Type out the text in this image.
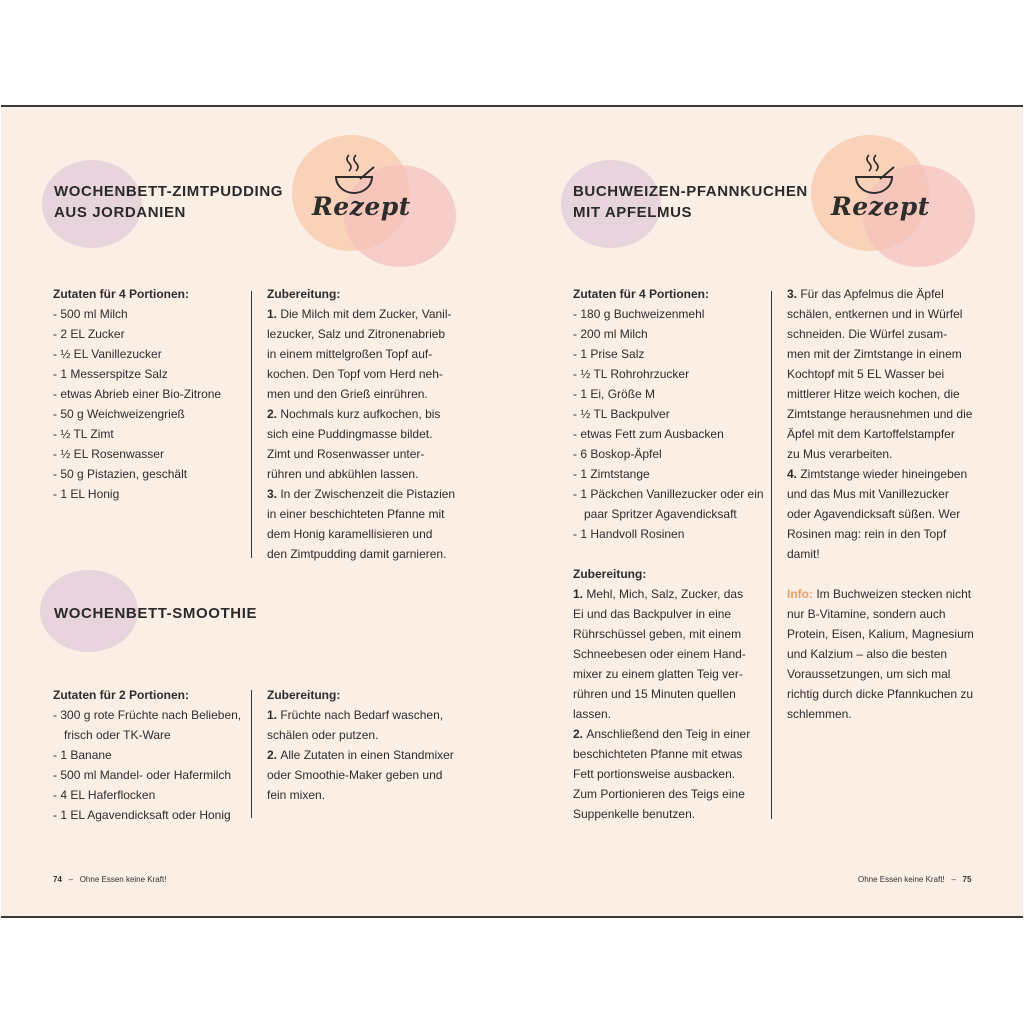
WOCHENBETT-ZIMTPUDDING
AUS JORDANIEN	Rezept
Zutaten für 4 Portionen:
- 500 ml Milch
- 2 EL Zucker
- ½ EL Vanillezucker
- 1 Messerspitze Salz
- etwas Abrieb einer Bio-Zitrone
- 50 g Weichweizengrieß
- ½ TL Zimt
- ½ EL Rosenwasser
- 50 g Pistazien, geschält
- 1 EL Honig
Zubereitung:

1. Die Milch mit dem Zucker, Vanil-
lezucker, Salz und Zitronenabrieb
in einem mittelgroßen Topf auf-
kochen. Den Topf vom Herd neh-
men und den Grieß einrühren.

2. Nochmals kurz aufkochen, bis
sich eine Puddingmasse bildet.
Zimt und Rosenwasser unter-
rühren und abkühlen lassen.

3. In der Zwischenzeit die Pistazien
in einer beschichteten Pfanne mit
dem Honig karamellisieren und
den Zimtpudding damit garnieren.

WOCHENBETT-SMOOTHIE
Zutaten für 2 Portionen:
- 300 g rote Früchte nach Belieben, frisch oder TK-Ware
- 1 Banane
- 500 ml Mandel- oder Hafermilch
- 4 EL Haferflocken
- 1 EL Agavendicksaft oder Honig
Zubereitung:

1. Früchte nach Bedarf waschen,
schälen oder putzen.

2. Alle Zutaten in einen Standmixer
oder Smoothie-Maker geben und
fein mixen.

74 – Ohne Essen keine Kraft!
BUCHWEIZEN-PFANNKUCHEN
MIT APFELMUS	Rezept
Zutaten für 4 Portionen:
- 180 g Buchweizenmehl
- 200 ml Milch
- 1 Prise Salz
- ½ TL Rohrohrzucker
- 1 Ei, Größe M
- ½ TL Backpulver
- etwas Fett zum Ausbacken
- 6 Boskop-Äpfel
- 1 Zimtstange
- 1 Päckchen Vanillezucker oder ein paar Spritzer Agavendicksaft
- 1 Handvoll Rosinen
Zubereitung:

1. Mehl, Mich, Salz, Zucker, das
Ei und das Backpulver in eine
Rührschüssel geben, mit einem
Schneebesen oder einem Hand-
mixer zu einem glatten Teig ver-
rühren und 15 Minuten quellen
lassen.

2. Anschließend den Teig in einer
beschichteten Pfanne mit etwas
Fett portionsweise ausbacken.
Zum Portionieren des Teigs eine
Suppenkelle benutzen.

3. Für das Apfelmus die Äpfel
schälen, entkernen und in Würfel
schneiden. Die Würfel zusam-
men mit der Zimtstange in einem
Kochtopf mit 5 EL Wasser bei
mittlerer Hitze weich kochen, die
Zimtstange herausnehmen und die
Äpfel mit dem Kartoffelstampfer
zu Mus verarbeiten.

4. Zimtstange wieder hineingeben
und das Mus mit Vanillezucker
oder Agavendicksaft süßen. Wer
Rosinen mag: rein in den Topf
damit!

Info: Im Buchweizen stecken nicht
nur B-Vitamine, sondern auch
Protein, Eisen, Kalium, Magnesium
und Kalzium – also die besten
Voraussetzungen, um sich mal
richtig durch dicke Pfannkuchen zu
schlemmen.
Ohne Essen keine Kraft! – 75
